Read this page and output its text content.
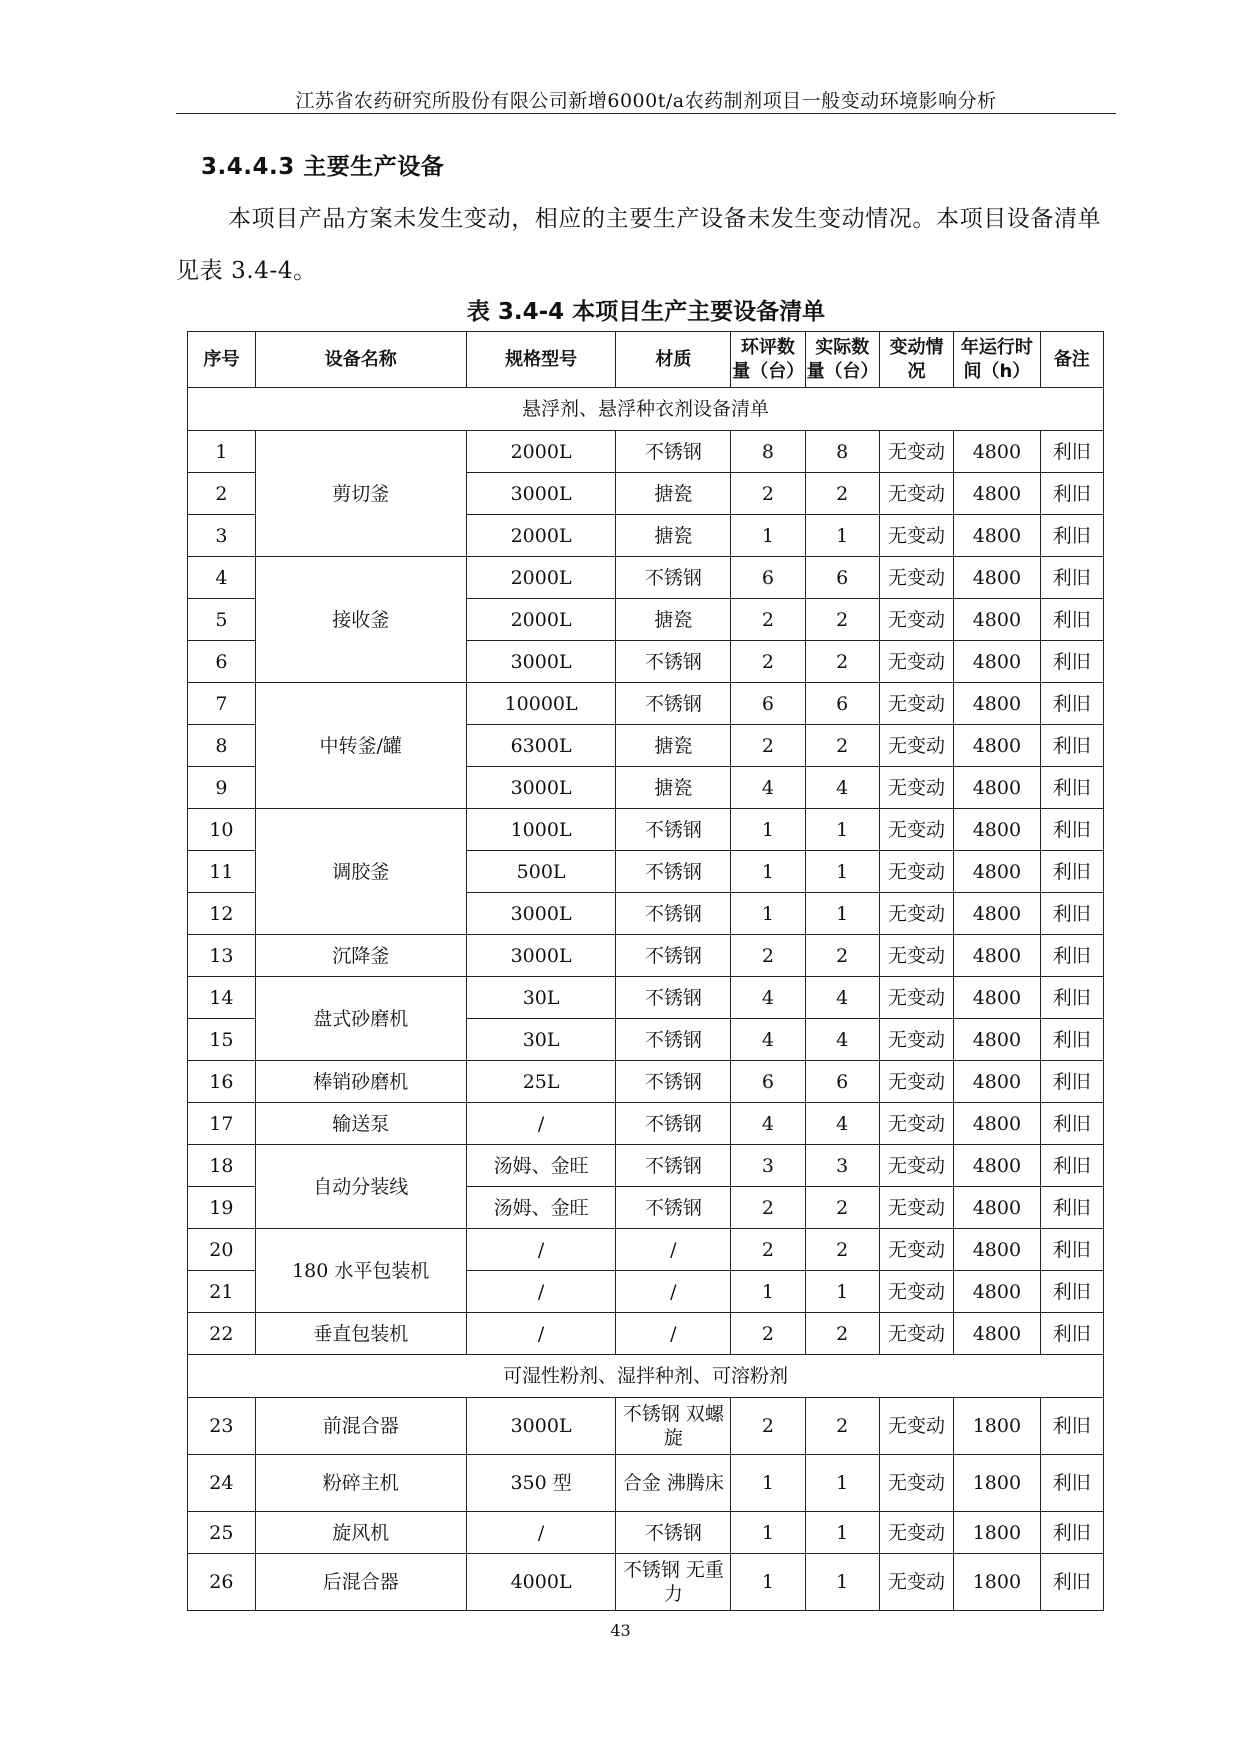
江苏省农药研究所股份有限公司新增6000t/a农药制剂项目一般变动环境影响分析
3.4.4.3 主要生产设备
本项目产品方案未发生变动，相应的主要生产设备未发生变动情况。本项目设备清单见表 3.4-4。
表 3.4-4 本项目生产主要设备清单
序号	设备名称	规格型号	材质	环评数量（台）	实际数量（台）	变动情况	年运行时间（h）	备注
悬浮剂、悬浮种衣剂设备清单								
1	剪切釜	2000L	不锈钢	8	8	无变动	4800	利旧
2		3000L	搪瓷	2	2	无变动	4800	利旧
3		2000L	搪瓷	1	1	无变动	4800	利旧
4	接收釜	2000L	不锈钢	6	6	无变动	4800	利旧
5		2000L	搪瓷	2	2	无变动	4800	利旧
6		3000L	不锈钢	2	2	无变动	4800	利旧
7	中转釜/罐	10000L	不锈钢	6	6	无变动	4800	利旧
8		6300L	搪瓷	2	2	无变动	4800	利旧
9		3000L	搪瓷	4	4	无变动	4800	利旧
10	调胶釜	1000L	不锈钢	1	1	无变动	4800	利旧
11		500L	不锈钢	1	1	无变动	4800	利旧
12		3000L	不锈钢	1	1	无变动	4800	利旧
13	沉降釜	3000L	不锈钢	2	2	无变动	4800	利旧
14	盘式砂磨机	30L	不锈钢	4	4	无变动	4800	利旧
15		30L	不锈钢	4	4	无变动	4800	利旧
16	棒销砂磨机	25L	不锈钢	6	6	无变动	4800	利旧
17	输送泵	/	不锈钢	4	4	无变动	4800	利旧
18	自动分装线	汤姆、金旺	不锈钢	3	3	无变动	4800	利旧
19		汤姆、金旺	不锈钢	2	2	无变动	4800	利旧
20	180 水平包装机	/	/	2	2	无变动	4800	利旧
21		/	/	1	1	无变动	4800	利旧
22	垂直包装机	/	/	2	2	无变动	4800	利旧
可湿性粉剂、湿拌种剂、可溶粉剂								
23	前混合器	3000L	不锈钢 双螺旋	2	2	无变动	1800	利旧
24	粉碎主机	350 型	合金 沸腾床	1	1	无变动	1800	利旧
25	旋风机	/	不锈钢	1	1	无变动	1800	利旧
26	后混合器	4000L	不锈钢 无重力	1	1	无变动	1800	利旧
43
